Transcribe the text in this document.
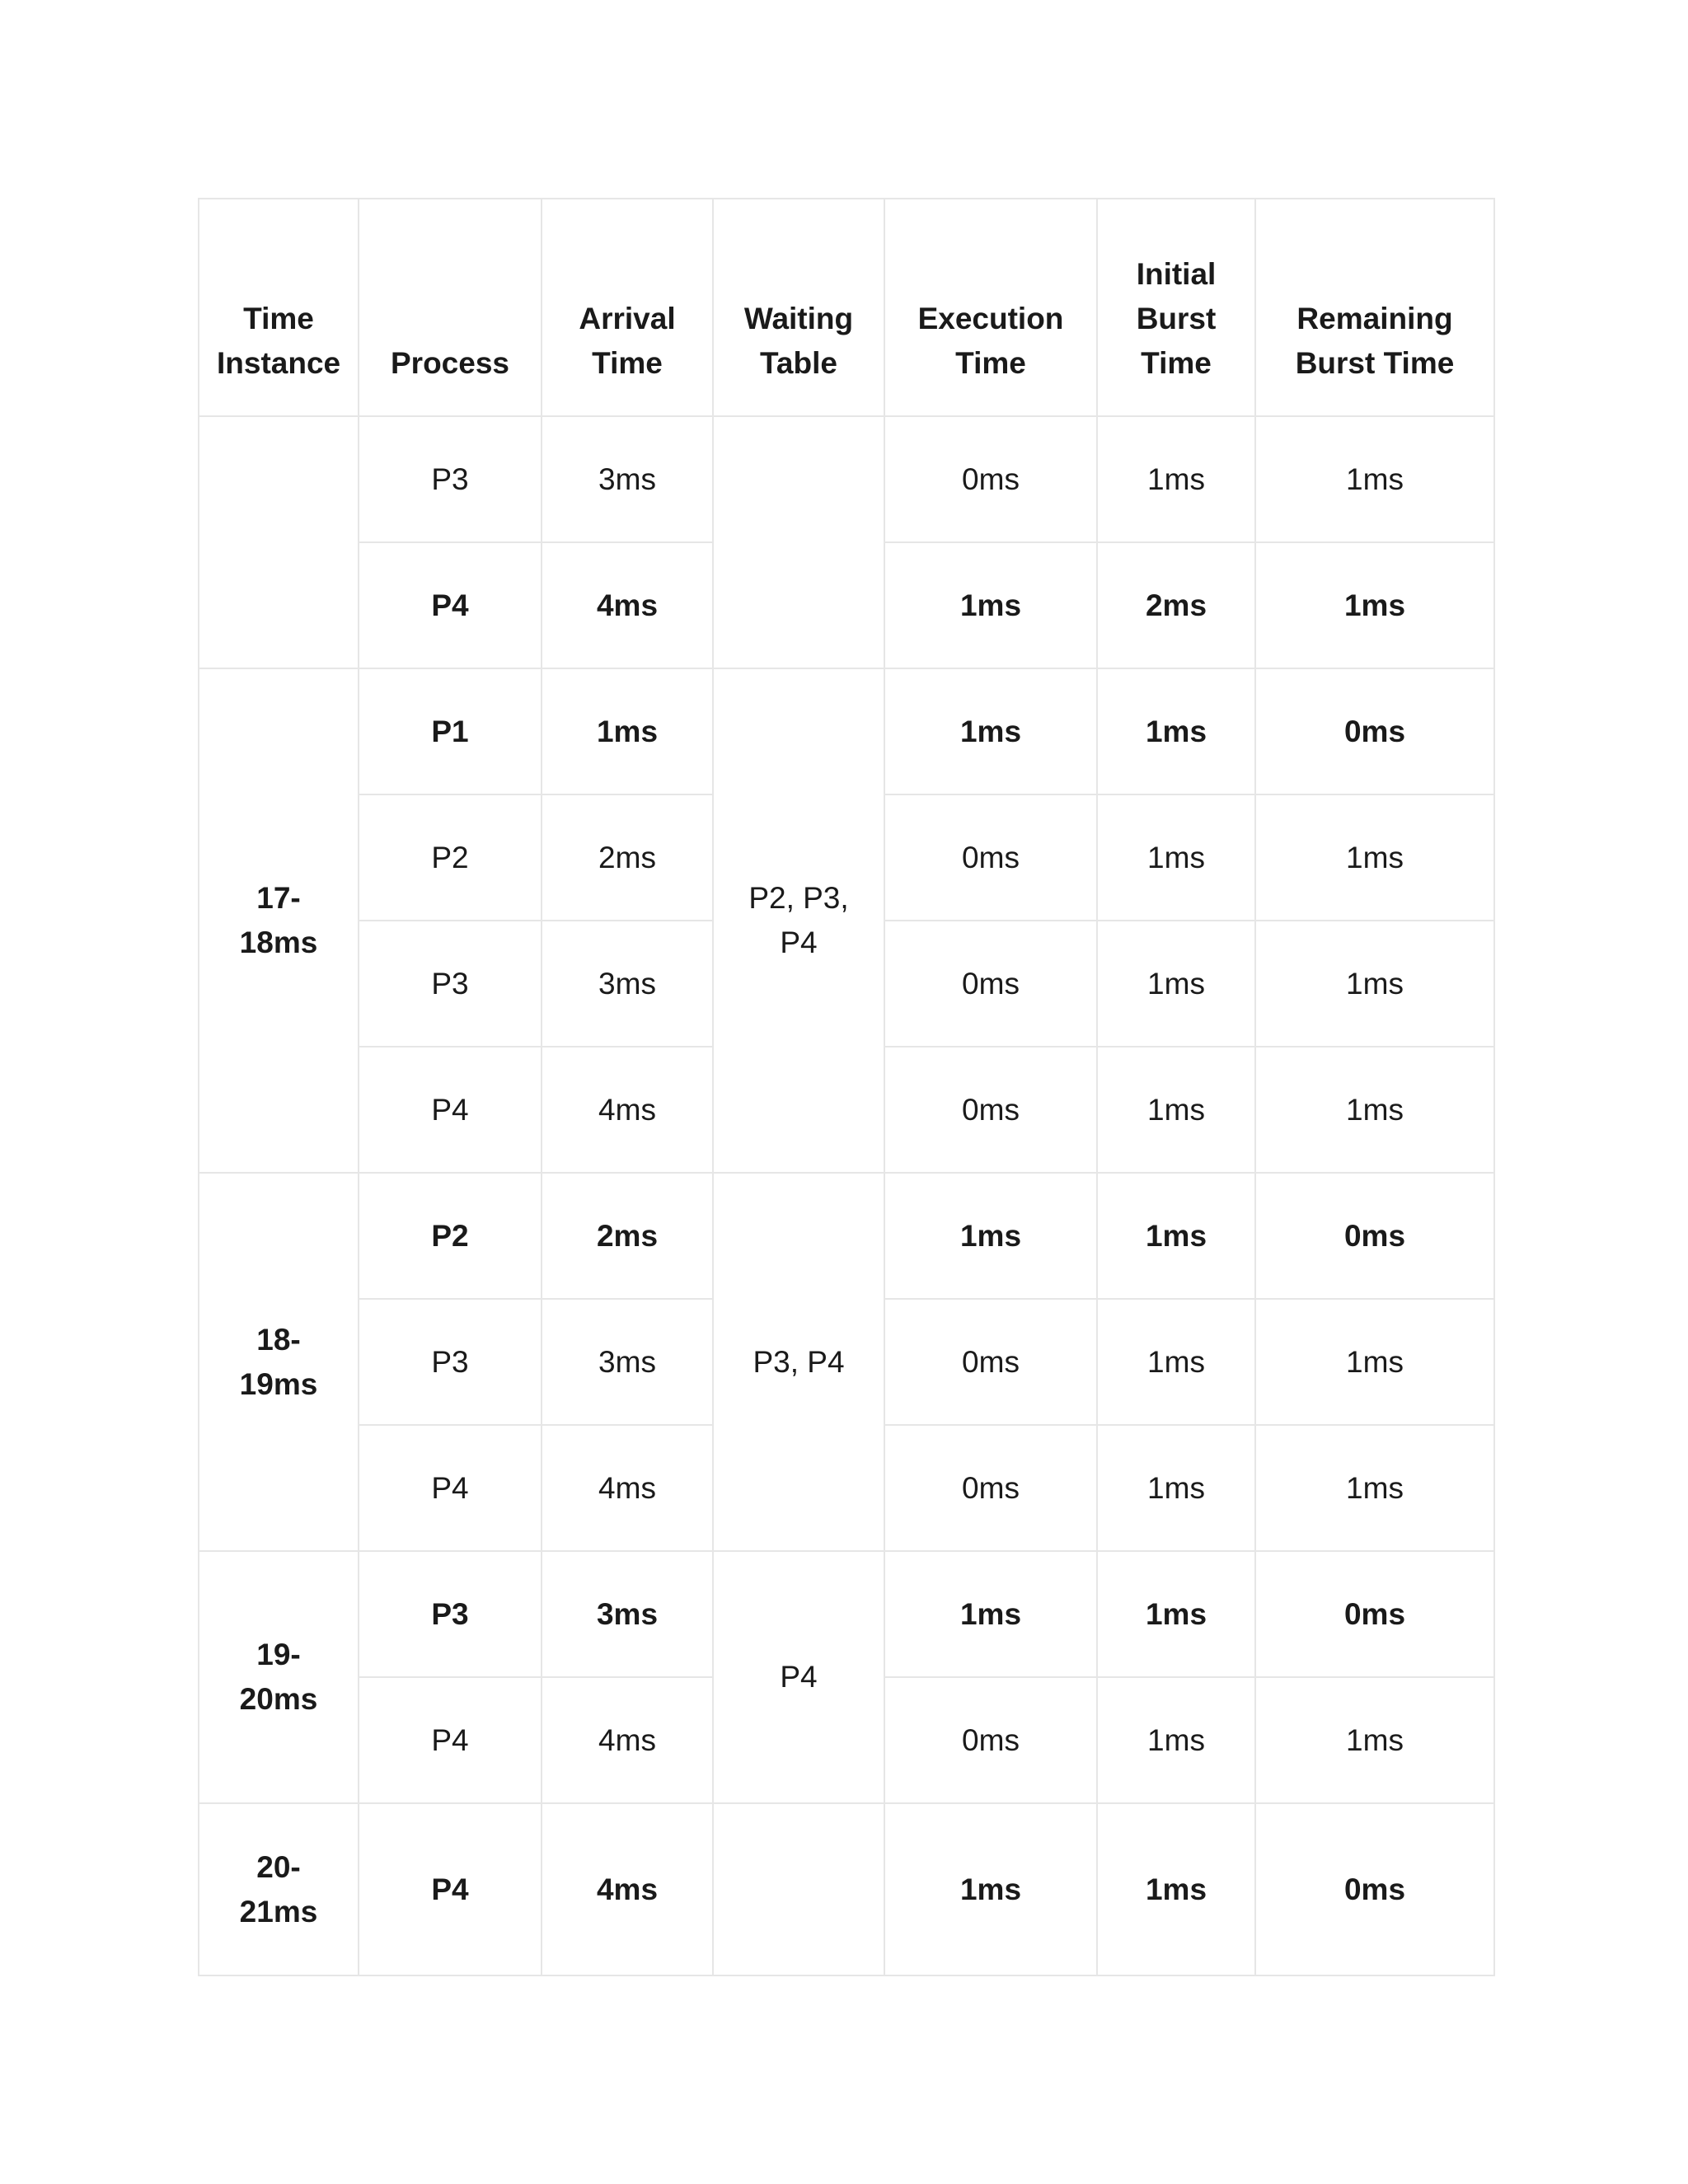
Time Instance	Process	Arrival Time	Waiting Table	Execution Time	Initial Burst Time	Remaining Burst Time
	P3	3ms		0ms	1ms	1ms
	P4	4ms		1ms	2ms	1ms
17-18ms	P1	1ms	P2, P3, P4	1ms	1ms	0ms
	P2	2ms		0ms	1ms	1ms
	P3	3ms		0ms	1ms	1ms
	P4	4ms		0ms	1ms	1ms
18-19ms	P2	2ms	P3, P4	1ms	1ms	0ms
	P3	3ms		0ms	1ms	1ms
	P4	4ms		0ms	1ms	1ms
19-20ms	P3	3ms	P4	1ms	1ms	0ms
	P4	4ms		0ms	1ms	1ms
20-21ms	P4	4ms		1ms	1ms	0ms
